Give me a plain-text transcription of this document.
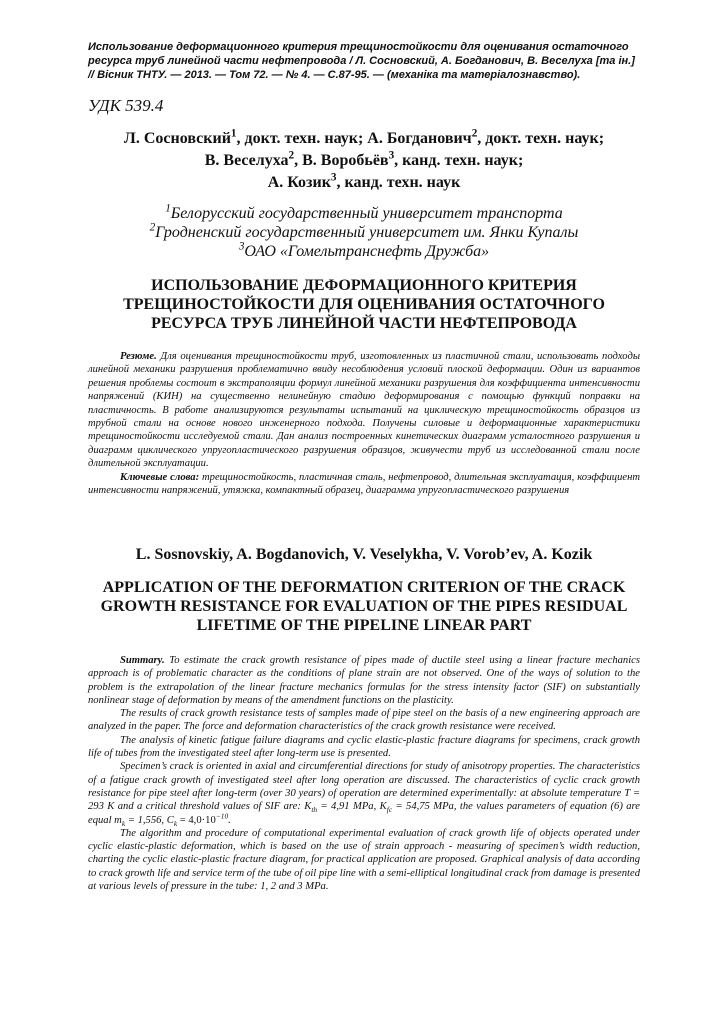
Использование деформационного критерия трещиностойкости для оценивания остаточного ресурса труб линейной части нефтепровода / Л. Сосновский, А. Богданович, В. Веселуха [та ін.] // Вісник ТНТУ. — 2013. — Том 72. — № 4. — С.87-95. — (механіка та матеріалознавство).
УДК 539.4
Л. Сосновский$^1$, докт. техн. наук; А. Богданович$^2$, докт. техн. наук;
В. Веселуха$^2$, В. Воробьёв$^3$, канд. техн. наук;
А. Козик$^3$, канд. техн. наук
$^1$Белорусский государственный университет транспорта
$^2$Гродненский государственный университет им. Янки Купалы
$^3$ОАО «Гомельтранснефть Дружба»
ИСПОЛЬЗОВАНИЕ ДЕФОРМАЦИОННОГО КРИТЕРИЯ ТРЕЩИНОСТОЙКОСТИ ДЛЯ ОЦЕНИВАНИЯ ОСТАТОЧНОГО РЕСУРСА ТРУБ ЛИНЕЙНОЙ ЧАСТИ НЕФТЕПРОВОДА

Резюме. Для оценивания трещиностойкости труб, изготовленных из пластичной стали, использовать подходы линейной механики разрушения проблематично ввиду несоблюдения условий плоской деформации. Один из вариантов решения проблемы состоит в экстраполяции формул линейной механики разрушения для коэффициента интенсивности напряжений (КИН) на существенно нелинейную стадию деформирования с помощью функций поправки на пластичность. В работе анализируются результаты испытаний на циклическую трещиностойкость образцов из трубной стали на основе нового инженерного подхода. Получены силовые и деформационные характеристики трещиностойкости исследуемой стали. Дан анализ построенных кинетических диаграмм усталостного разрушения и диаграмм циклического упругопластического разрушения образцов, живучести труб из исследованной стали после длительной эксплуатации.

Ключевые слова: трещиностойкость, пластичная сталь, нефтепровод, длительная эксплуатация, коэффициент интенсивности напряжений, утяжка, компактный образец, диаграмма упругопластического разрушения

L. Sosnovskiy, A. Bogdanovich, V. Veselykha, V. Vorob’ev, A. Kozik
APPLICATION OF THE DEFORMATION CRITERION OF THE CRACK GROWTH RESISTANCE FOR EVALUATION OF THE PIPES RESIDUAL LIFETIME OF THE PIPELINE LINEAR PART

Summary. To estimate the crack growth resistance of pipes made of ductile steel using a linear fracture mechanics approach is of problematic character as the conditions of plane strain are not observed. One of the ways of solution to the problem is the extrapolation of the linear fracture mechanics formulas for the stress intensity factor (SIF) on substantially nonlinear stage of deformation by means of the amendment functions on the plasticity.

The results of crack growth resistance tests of samples made of pipe steel on the basis of a new engineering approach are analyzed in the paper. The force and deformation characteristics of the crack growth resistance were received.

The analysis of kinetic fatigue failure diagrams and cyclic elastic-plastic fracture diagrams for specimens, crack growth life of tubes from the investigated steel after long-term use is presented.

Specimen’s crack is oriented in axial and circumferential directions for study of anisotropy properties. The characteristics of a fatigue crack growth of investigated steel after long operation are discussed. The characteristics of cyclic crack growth resistance for pipe steel after long-term (over 30 years) of operation are determined experimentally: at absolute temperature T = 293 K and a critical threshold values of SIF are: $K_{th} = 4,91$ MPa, $K_{fc} = 54,75$ MPa, the values parameters of equation (6) are equal $m_k = 1,556$, $C_k = 4,0\cdot 10^{-10}$.

The algorithm and procedure of computational experimental evaluation of crack growth life of objects operated under cyclic elastic-plastic deformation, which is based on the use of strain approach - measuring of specimen’s width reduction, charting the cyclic elastic-plastic fracture diagram, for practical application are proposed. Graphical analysis of data according to crack growth life and service term of the tube of oil pipe line with a semi-elliptical longitudinal crack from damage is presented at various levels of pressure in the tube: 1, 2 and 3 MPa.
